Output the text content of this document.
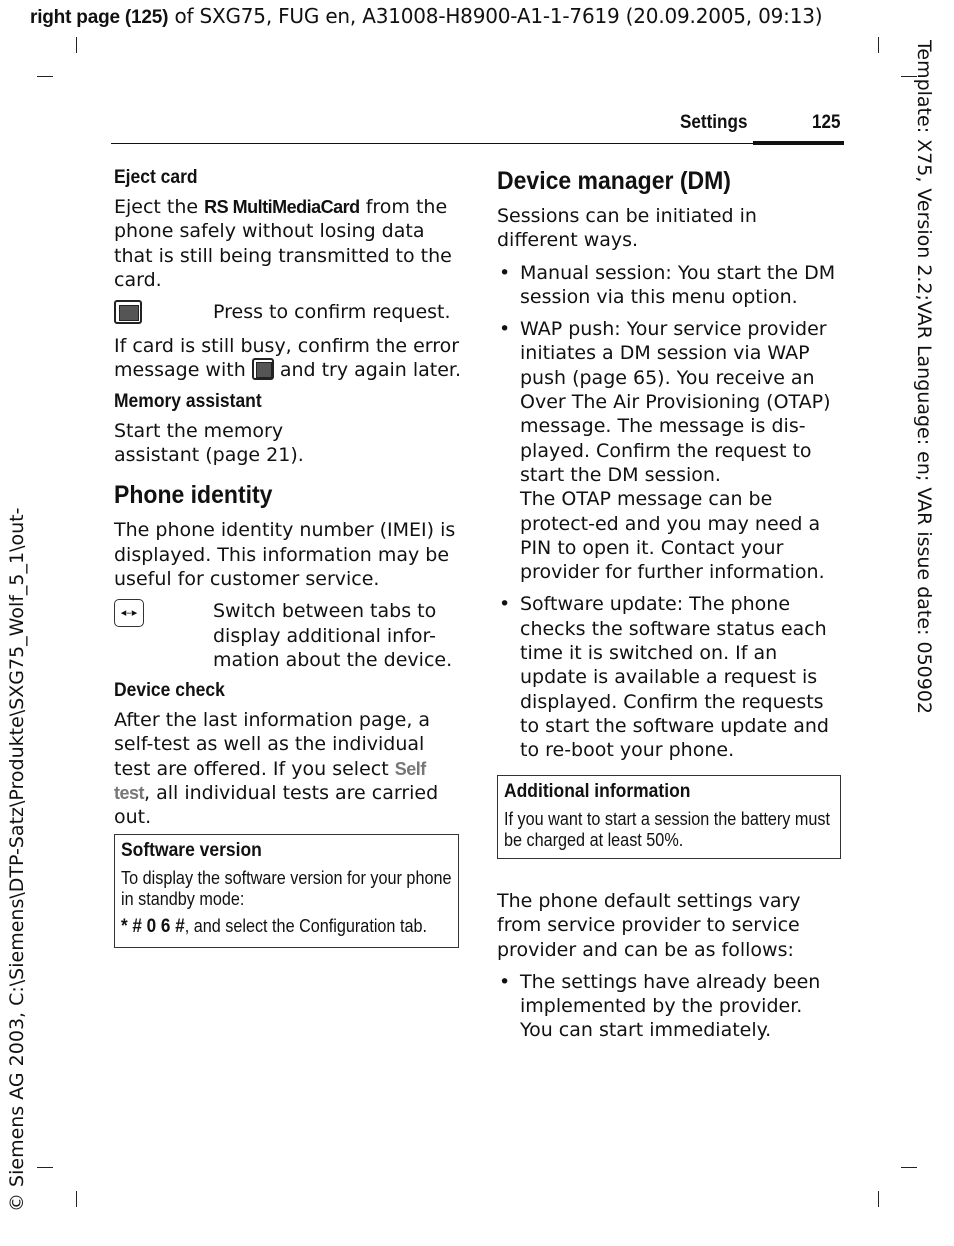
right page (125) of SXG75, FUG en, A31008-H8900-A1-1-7619 (20.09.2005, 09:13)
Template: X75, Version 2.2;VAR Language: en; VAR issue date: 050902
© Siemens AG 2003, C:\Siemens\DTP-Satz\Produkte\SXG75_Wolf_5_1\out-
Settings	125
Eject card

Eject the RS MultiMediaCard from the phone safely without losing data that is still being transmitted to the card.

Press to confirm request.

If card is still busy, confirm the error message with  and try again later.

Memory assistant

Start the memory assistant (page 21).

Phone identity

The phone identity number (IMEI) is displayed. This information may be useful for customer service.

◂–▸	Switch between tabs to display additional infor-mation about the device.
Device check

After the last information page, a self-test as well as the individual test are offered. If you select Self test, all individual tests are carried out.

Software version
To display the software version for your phone in standby mode:
* # 0 6 #, and select the Configuration tab.
Device manager (DM)

Sessions can be initiated in different ways.

• Manual session: You start the DM session via this menu option.
• WAP push: Your service provider initiates a DM session via WAP push (page 65). You receive an Over The Air Provisioning (OTAP) message. The message is dis-played. Confirm the request to start the DM session.
The OTAP message can be protect-ed and you may need a PIN to open it. Contact your provider for further information.
• Software update: The phone checks the software status each time it is switched on. If an update is available a request is displayed. Confirm the requests to start the software update and to re-boot your phone.
Additional information
If you want to start a session the battery must be charged at least 50%.

The phone default settings vary from service provider to service provider and can be as follows:

• The settings have already been implemented by the provider. You can start immediately.
